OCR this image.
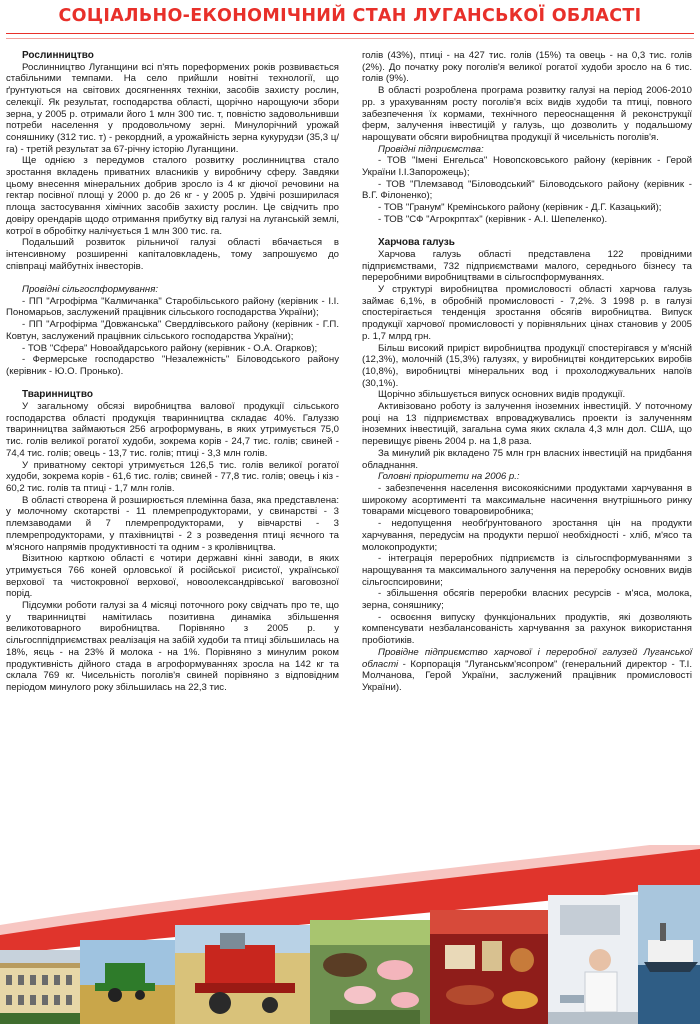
СОЦІАЛЬНО-ЕКОНОМІЧНИЙ СТАН ЛУГАНСЬКОЇ ОБЛАСТІ
Рослинництво

Рослинництво Луганщини всі п'ять пореформених років розвивається стабільними темпами. На село прийшли новітні технології, що ґрунтуються на світових досягненнях техніки, засобів захисту рослин, селекції. Як результат, господарства області, щорічно нарощуючи збори зерна, у 2005 р. отримали його 1 млн 300 тис. т, повністю задовольнивши потреби населення у продовольчому зерні. Минулорічний урожай соняшнику (312 тис. т) - рекордний, а урожайність зерна кукурудзи (35,3 ц/га) - третій результат за 67-річну історію Луганщини.

Ще однією з передумов сталого розвитку рослинництва стало зростання вкладень приватних власників у виробничу сферу. Завдяки цьому внесення мінеральних добрив зросло із 4 кг діючої речовини на гектар посівної площі у 2000 р. до 26 кг - у 2005 р. Удвічі розширилася площа застосування хімічних засобів захисту рослин. Це свідчить про довіру орендарів щодо отримання прибутку від галузі на луганській землі, котрої в обробітку налічується 1 млн 300 тис. га.

Подальший розвиток рільничої галузі області вбачається в інтенсивному розширенні капіталовкладень, тому запрошуємо до співпраці майбутніх інвесторів.

Провідні сільгоспформування:

- ПП "Агрофірма "Калмичанка" Старобільського району (керівник - І.І. Пономарьов, заслужений працівник сільського господарства України);

- ПП "Агрофірма "Довжанська" Свердлівського району (керівник - Г.П. Ковтун, заслужений працівник сільського господарства України);

- ТОВ "Сфера" Новоайдарського району (керівник - О.А. Огарков);

- Фермерське господарство "Незалежність" Біловодського району (керівник - Ю.О. Пронько).

Тваринництво

У загальному обсязі виробництва валової продукції сільського господарства області продукція тваринництва складає 40%. Галуззю тваринництва займаються 256 агроформувань, в яких утримується 75,0 тис. голів великої рогатої худоби, зокрема корів - 24,7 тис. голів; свиней - 74,4 тис. голів; овець - 13,7 тис. голів; птиці - 3,3 млн голів.

У приватному секторі утримується 126,5 тис. голів великої рогатої худоби, зокрема корів - 61,6 тис. голів; свиней - 77,8 тис. голів; овець і кіз - 60,2 тис. голів та птиці - 1,7 млн голів.

В області створена й розширюється племінна база, яка представлена: у молочному скотарстві - 11 племрепродукторами, у свинарстві - 3 племзаводами й 7 племрепродукторами, у вівчарстві - 3 племрепродукторами, у птахівництві - 2 з розведення птиці яєчного та м'ясного напрямів продуктивності та одним - з кролівництва.

Візитною карткою області є чотири державні кінні заводи, в яких утримується 766 коней орловської й російської рисистої, української верхової та чистокровної верхової, новоолександрівської ваговозної порід.

Підсумки роботи галузі за 4 місяці поточного року свідчать про те, що у тваринництві намітилась позитивна динаміка збільшення великотоварного виробництва. Порівняно з 2005 р. у сільгосппідприємствах реалізація на забій худоби та птиці збільшилась на 18%, яєць - на 23% й молока - на 1%. Порівняно з минулим роком продуктивність дійного стада в агроформуваннях зросла на 142 кг та склала 769 кг. Чисельність поголів'я свиней порівняно з відповідним періодом минулого року збільшилась на 22,3 тис.

голів (43%), птиці - на 427 тис. голів (15%) та овець - на 0,3 тис. голів (2%). До початку року поголів'я великої рогатої худоби зросло на 6 тис. голів (9%).

В області розроблена програма розвитку галузі на період 2006-2010 рр. з урахуванням росту поголів'я всіх видів худоби та птиці, повного забезпечення їх кормами, технічного переоснащення й реконструкції ферм, залучення інвестицій у галузь, що дозволить у подальшому нарощувати обсяги виробництва продукції й чисельність поголів'я.

Провідні підприємства:

- ТОВ "Імені Енгельса" Новопсковського району (керівник - Герой України І.І.Запорожець);

- ТОВ "Племзавод "Біловодський" Біловодського району (керівник - В.Г. Філоненко);

- ТОВ "Гранум" Кремінського району (керівник - Д.Г. Казацький);

- ТОВ "СФ "Агрокрптах" (керівник - А.І. Шепеленко).

Харчова галузь

Харчова галузь області представлена 122 провідними підприємствами, 732 підприємствами малого, середнього бізнесу та переробними виробництвами в сільгоспформуваннях.

У структурі виробництва промисловості області харчова галузь займає 6,1%, в обробній промисловості - 7,2%. З 1998 р. в галузі спостерігається тенденція зростання обсягів виробництва. Випуск продукції харчової промисловості у порівняльних цінах становив у 2005 р. 1,7 млрд грн.

Більш високий приріст виробництва продукції спостерігався у м'ясній (12,3%), молочній (15,3%) галузях, у виробництві кондитерських виробів (10,8%), виробництві мінеральних вод і прохолоджувальних напоїв (30,1%).

Щорічно збільшується випуск основних видів продукції.

Активізовано роботу із залучення іноземних інвестицій. У поточному році на 13 підприємствах впроваджувались проекти із залученням іноземних інвестицій, загальна сума яких склала 4,3 млн дол. США, що перевищує рівень 2004 р. на 1,8 раза.

За минулий рік вкладено 75 млн грн власних інвестицій на придбання обладнання.

Головні пріоритети на 2006 р.:

- забезпечення населення високоякісними продуктами харчування в широкому асортименті та максимальне насичення внутрішнього ринку товарами місцевого товаровиробника;

- недопущення необґрунтованого зростання цін на продукти харчування, передусім на продукти першої необхідності - хліб, м'ясо та молокопродукти;

- інтеграція переробних підприємств із сільгоспформуваннями з нарощування та максимального залучення на переробку основних видів сільгоспсировини;

- збільшення обсягів переробки власних ресурсів - м'яса, молока, зерна, соняшнику;

- освоєння випуску функціональних продуктів, які дозволяють компенсувати незбалансованість харчування за рахунок використання пробіотиків.

Провідне підприємство харчової і переробної галузей Луганської області - Корпорація "Луганськм'ясопром" (генеральний директор - Т.І. Молчанова, Герой України, заслужений працівник промисловості України).
